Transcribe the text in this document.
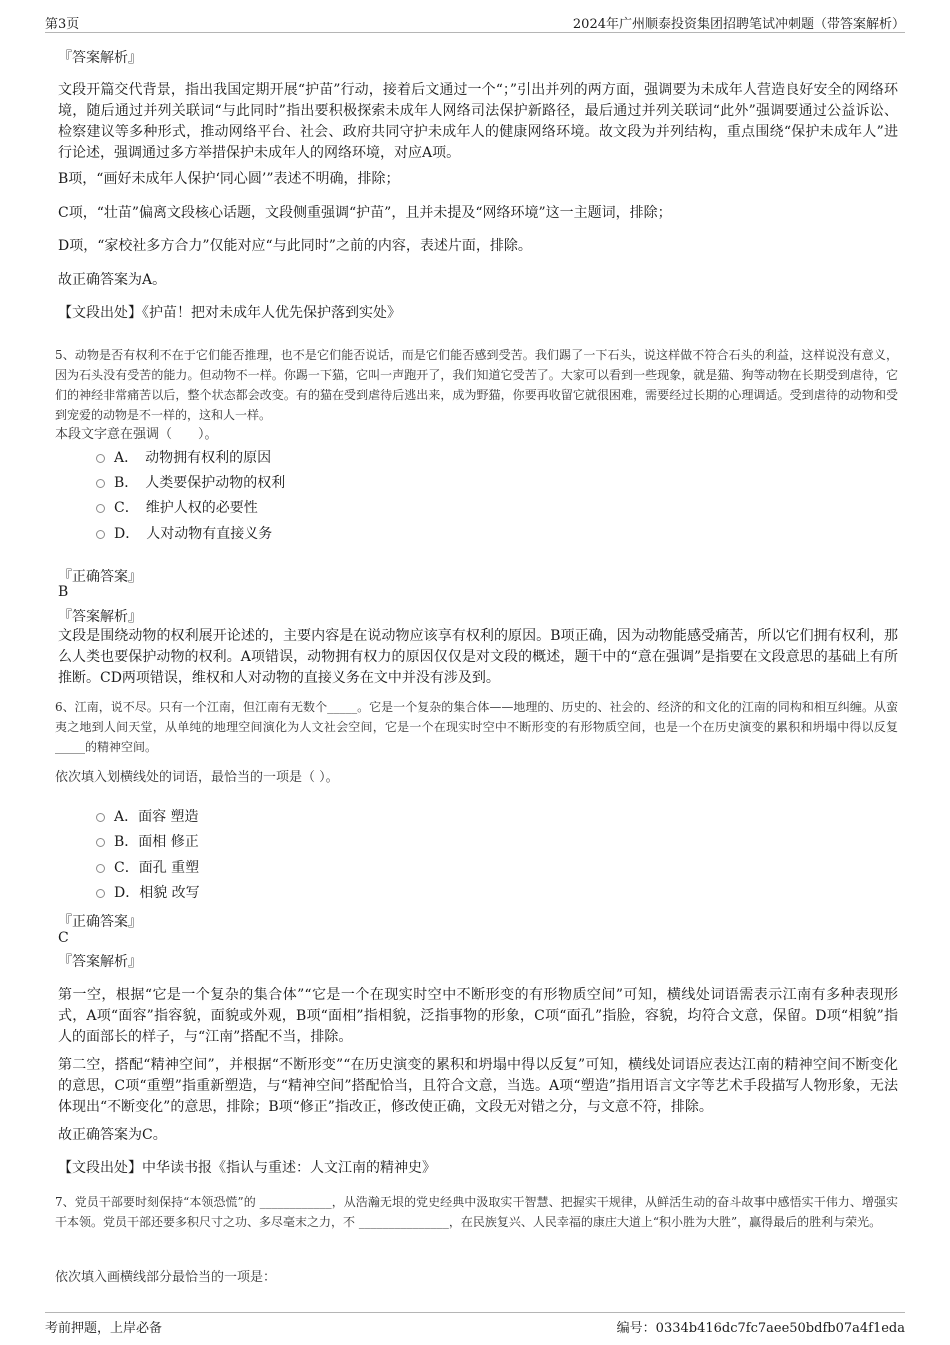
第3页	2024年广州顺泰投资集团招聘笔试冲刺题（带答案解析）
『答案解析』

文段开篇交代背景，指出我国定期开展“护苗”行动，接着后文通过一个“；”引出并列的两方面，强调要为未成年人营造良好安全的网络环境，随后通过并列关联词“与此同时”指出要积极探索未成年人网络司法保护新路径，最后通过并列关联词“此外”强调要通过公益诉讼、检察建议等多种形式，推动网络平台、社会、政府共同守护未成年人的健康网络环境。故文段为并列结构，重点围绕“保护未成年人”进行论述，强调通过多方举措保护未成年人的网络环境，对应A项。

B项，“画好未成年人保护‘同心圆’”表述不明确，排除；

C项，“壮苗”偏离文段核心话题，文段侧重强调“护苗”，且并未提及“网络环境”这一主题词，排除；

D项，“家校社多方合力”仅能对应“与此同时”之前的内容，表述片面，排除。

故正确答案为A。

【文段出处】《护苗！把对未成年人优先保护落到实处》

5、动物是否有权利不在于它们能否推理，也不是它们能否说话，而是它们能否感到受苦。我们踢了一下石头，说这样做不符合石头的利益，这样说没有意义，因为石头没有受苦的能力。但动物不一样。你踢一下猫，它叫一声跑开了，我们知道它受苦了。大家可以看到一些现象，就是猫、狗等动物在长期受到虐待，它们的神经非常痛苦以后，整个状态都会改变。有的猫在受到虐待后逃出来，成为野猫，你要再收留它就很困难，需要经过长期的心理调适。受到虐待的动物和受到宠爱的动物是不一样的，这和人一样。

本段文字意在强调（　　）。

A．　动物拥有权利的原因
B．　人类要保护动物的权利
C．　维护人权的必要性
D．　人对动物有直接义务
『正确答案』
B
『答案解析』

文段是围绕动物的权利展开论述的，主要内容是在说动物应该享有权利的原因。B项正确，因为动物能感受痛苦，所以它们拥有权利，那么人类也要保护动物的权利。A项错误，动物拥有权力的原因仅仅是对文段的概述，题干中的“意在强调”是指要在文段意思的基础上有所推断。CD两项错误，维权和人对动物的直接义务在文中并没有涉及到。

6、江南，说不尽。只有一个江南，但江南有无数个_____。它是一个复杂的集合体——地理的、历史的、社会的、经济的和文化的江南的同构和相互纠缠。从蛮夷之地到人间天堂，从单纯的地理空间演化为人文社会空间，它是一个在现实时空中不断形变的有形物质空间，也是一个在历史演变的累积和坍塌中得以反复_____的精神空间。

依次填入划横线处的词语，最恰当的一项是（ ）。

A．面容 塑造
B．面相 修正
C．面孔 重塑
D．相貌 改写
『正确答案』
C
『答案解析』

第一空，根据“它是一个复杂的集合体”“它是一个在现实时空中不断形变的有形物质空间”可知，横线处词语需表示江南有多种表现形式，A项“面容”指容貌，面貌或外观，B项“面相”指相貌，泛指事物的形象，C项“面孔”指脸，容貌，均符合文意，保留。D项“相貌”指人的面部长的样子，与“江南”搭配不当，排除。

第二空，搭配“精神空间”，并根据“不断形变”“在历史演变的累积和坍塌中得以反复”可知，横线处词语应表达江南的精神空间不断变化的意思，C项“重塑”指重新塑造，与“精神空间”搭配恰当，且符合文意，当选。A项“塑造”指用语言文字等艺术手段描写人物形象，无法体现出“不断变化”的意思，排除；B项“修正”指改正，修改使正确，文段无对错之分，与文意不符，排除。

故正确答案为C。

【文段出处】中华读书报《指认与重述：人文江南的精神史》

7、党员干部要时刻保持“本领恐慌”的 ____________，从浩瀚无垠的党史经典中汲取实干智慧、把握实干规律，从鲜活生动的奋斗故事中感悟实干伟力、增强实干本领。党员干部还要多积尺寸之功、多尽毫末之力，不 _______________，在民族复兴、人民幸福的康庄大道上“积小胜为大胜”，赢得最后的胜利与荣光。

依次填入画横线部分最恰当的一项是：

考前押题，上岸必备	编号：0334b416dc7fc7aee50bdfb07a4f1eda
